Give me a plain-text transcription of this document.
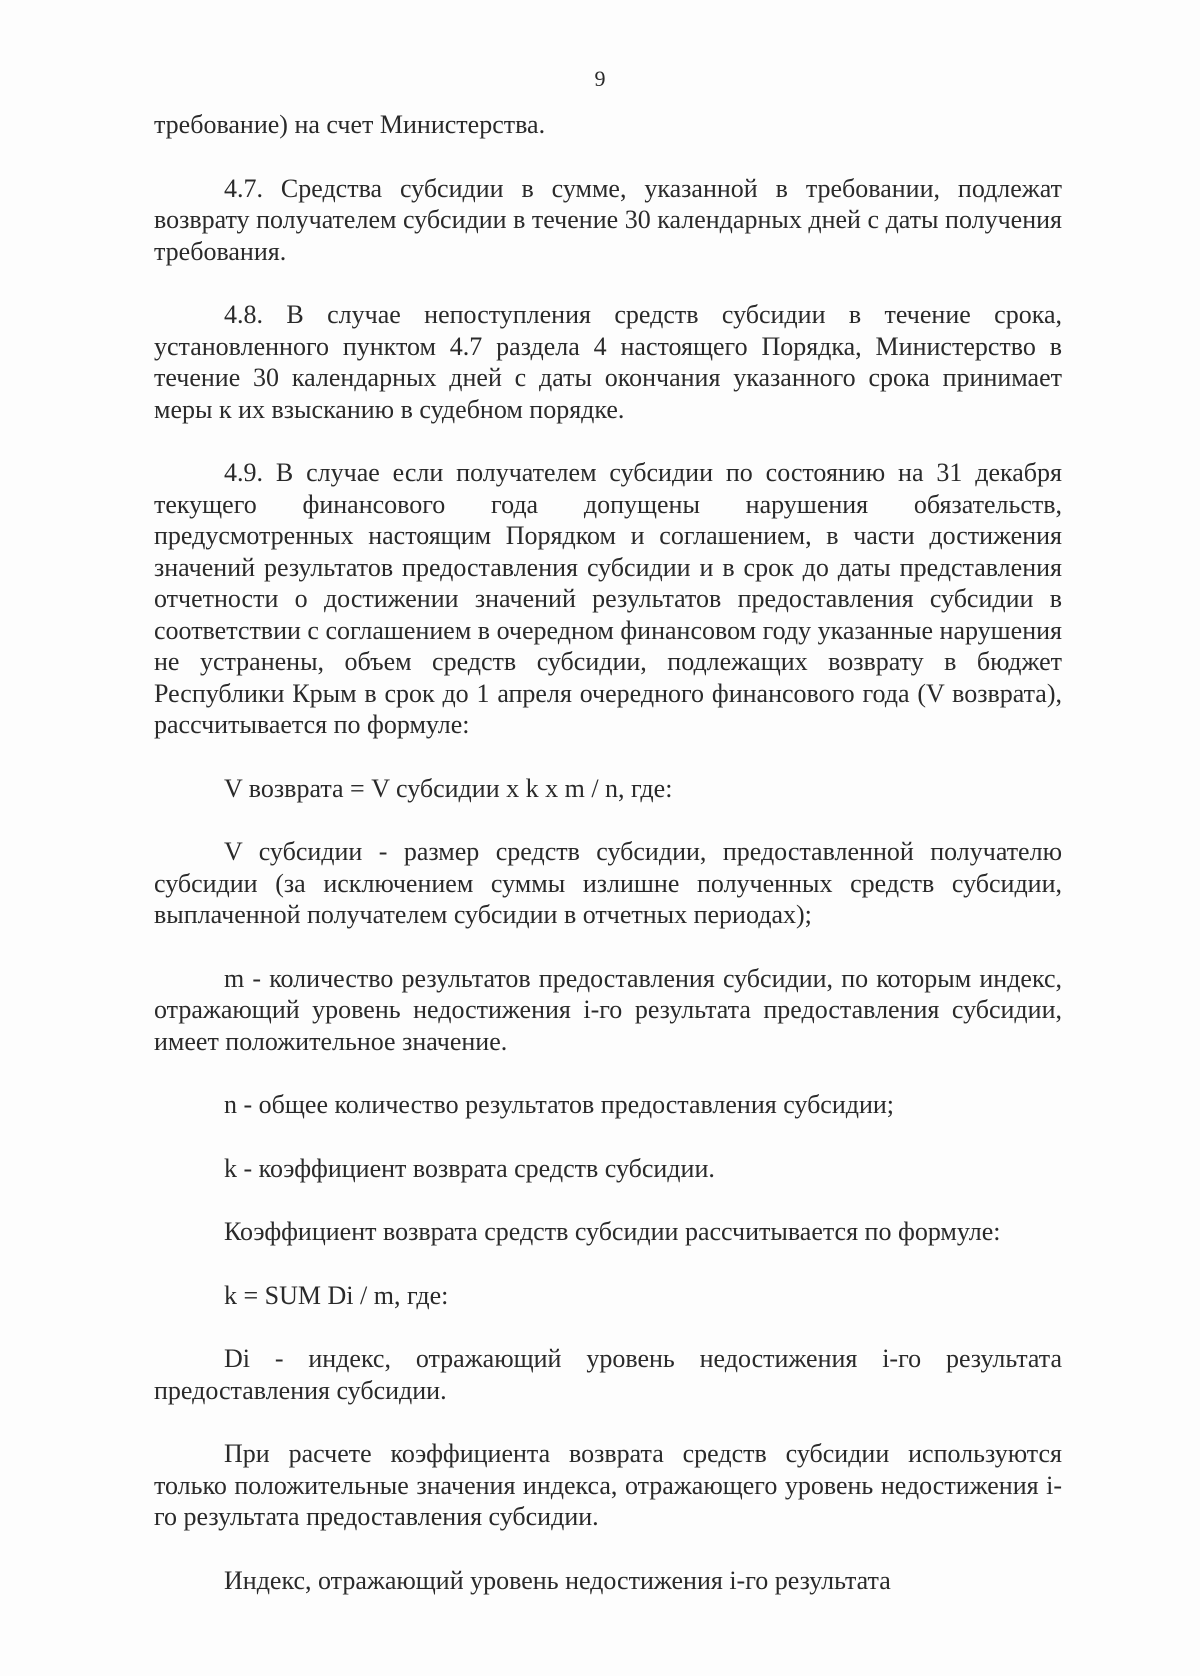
9

требование) на счет Министерства.

4.7. Средства субсидии в сумме, указанной в требовании, подлежат возврату получателем субсидии в течение 30 календарных дней с даты получения требования.

4.8. В случае непоступления средств субсидии в течение срока, установленного пунктом 4.7 раздела 4 настоящего Порядка, Министерство в течение 30 календарных дней с даты окончания указанного срока принимает меры к их взысканию в судебном порядке.

4.9. В случае если получателем субсидии по состоянию на 31 декабря текущего финансового года допущены нарушения обязательств, предусмотренных настоящим Порядком и соглашением, в части достижения значений результатов предоставления субсидии и в срок до даты представления отчетности о достижении значений результатов предоставления субсидии в соответствии с соглашением в очередном финансовом году указанные нарушения не устранены, объем средств субсидии, подлежащих возврату в бюджет Республики Крым в срок до 1 апреля очередного финансового года (V возврата), рассчитывается по формуле:

V возврата = V субсидии x k x m / n, где:

V субсидии - размер средств субсидии, предоставленной получателю субсидии (за исключением суммы излишне полученных средств субсидии, выплаченной получателем субсидии в отчетных периодах);

m - количество результатов предоставления субсидии, по которым индекс, отражающий уровень недостижения i-го результата предоставления субсидии, имеет положительное значение.

n - общее количество результатов предоставления субсидии;

k - коэффициент возврата средств субсидии.

Коэффициент возврата средств субсидии рассчитывается по формуле:

k = SUM Di / m, где:

Di - индекс, отражающий уровень недостижения i-го результата предоставления субсидии.

При расчете коэффициента возврата средств субсидии используются только положительные значения индекса, отражающего уровень недостижения i-го результата предоставления субсидии.

Индекс, отражающий уровень недостижения i-го результата
